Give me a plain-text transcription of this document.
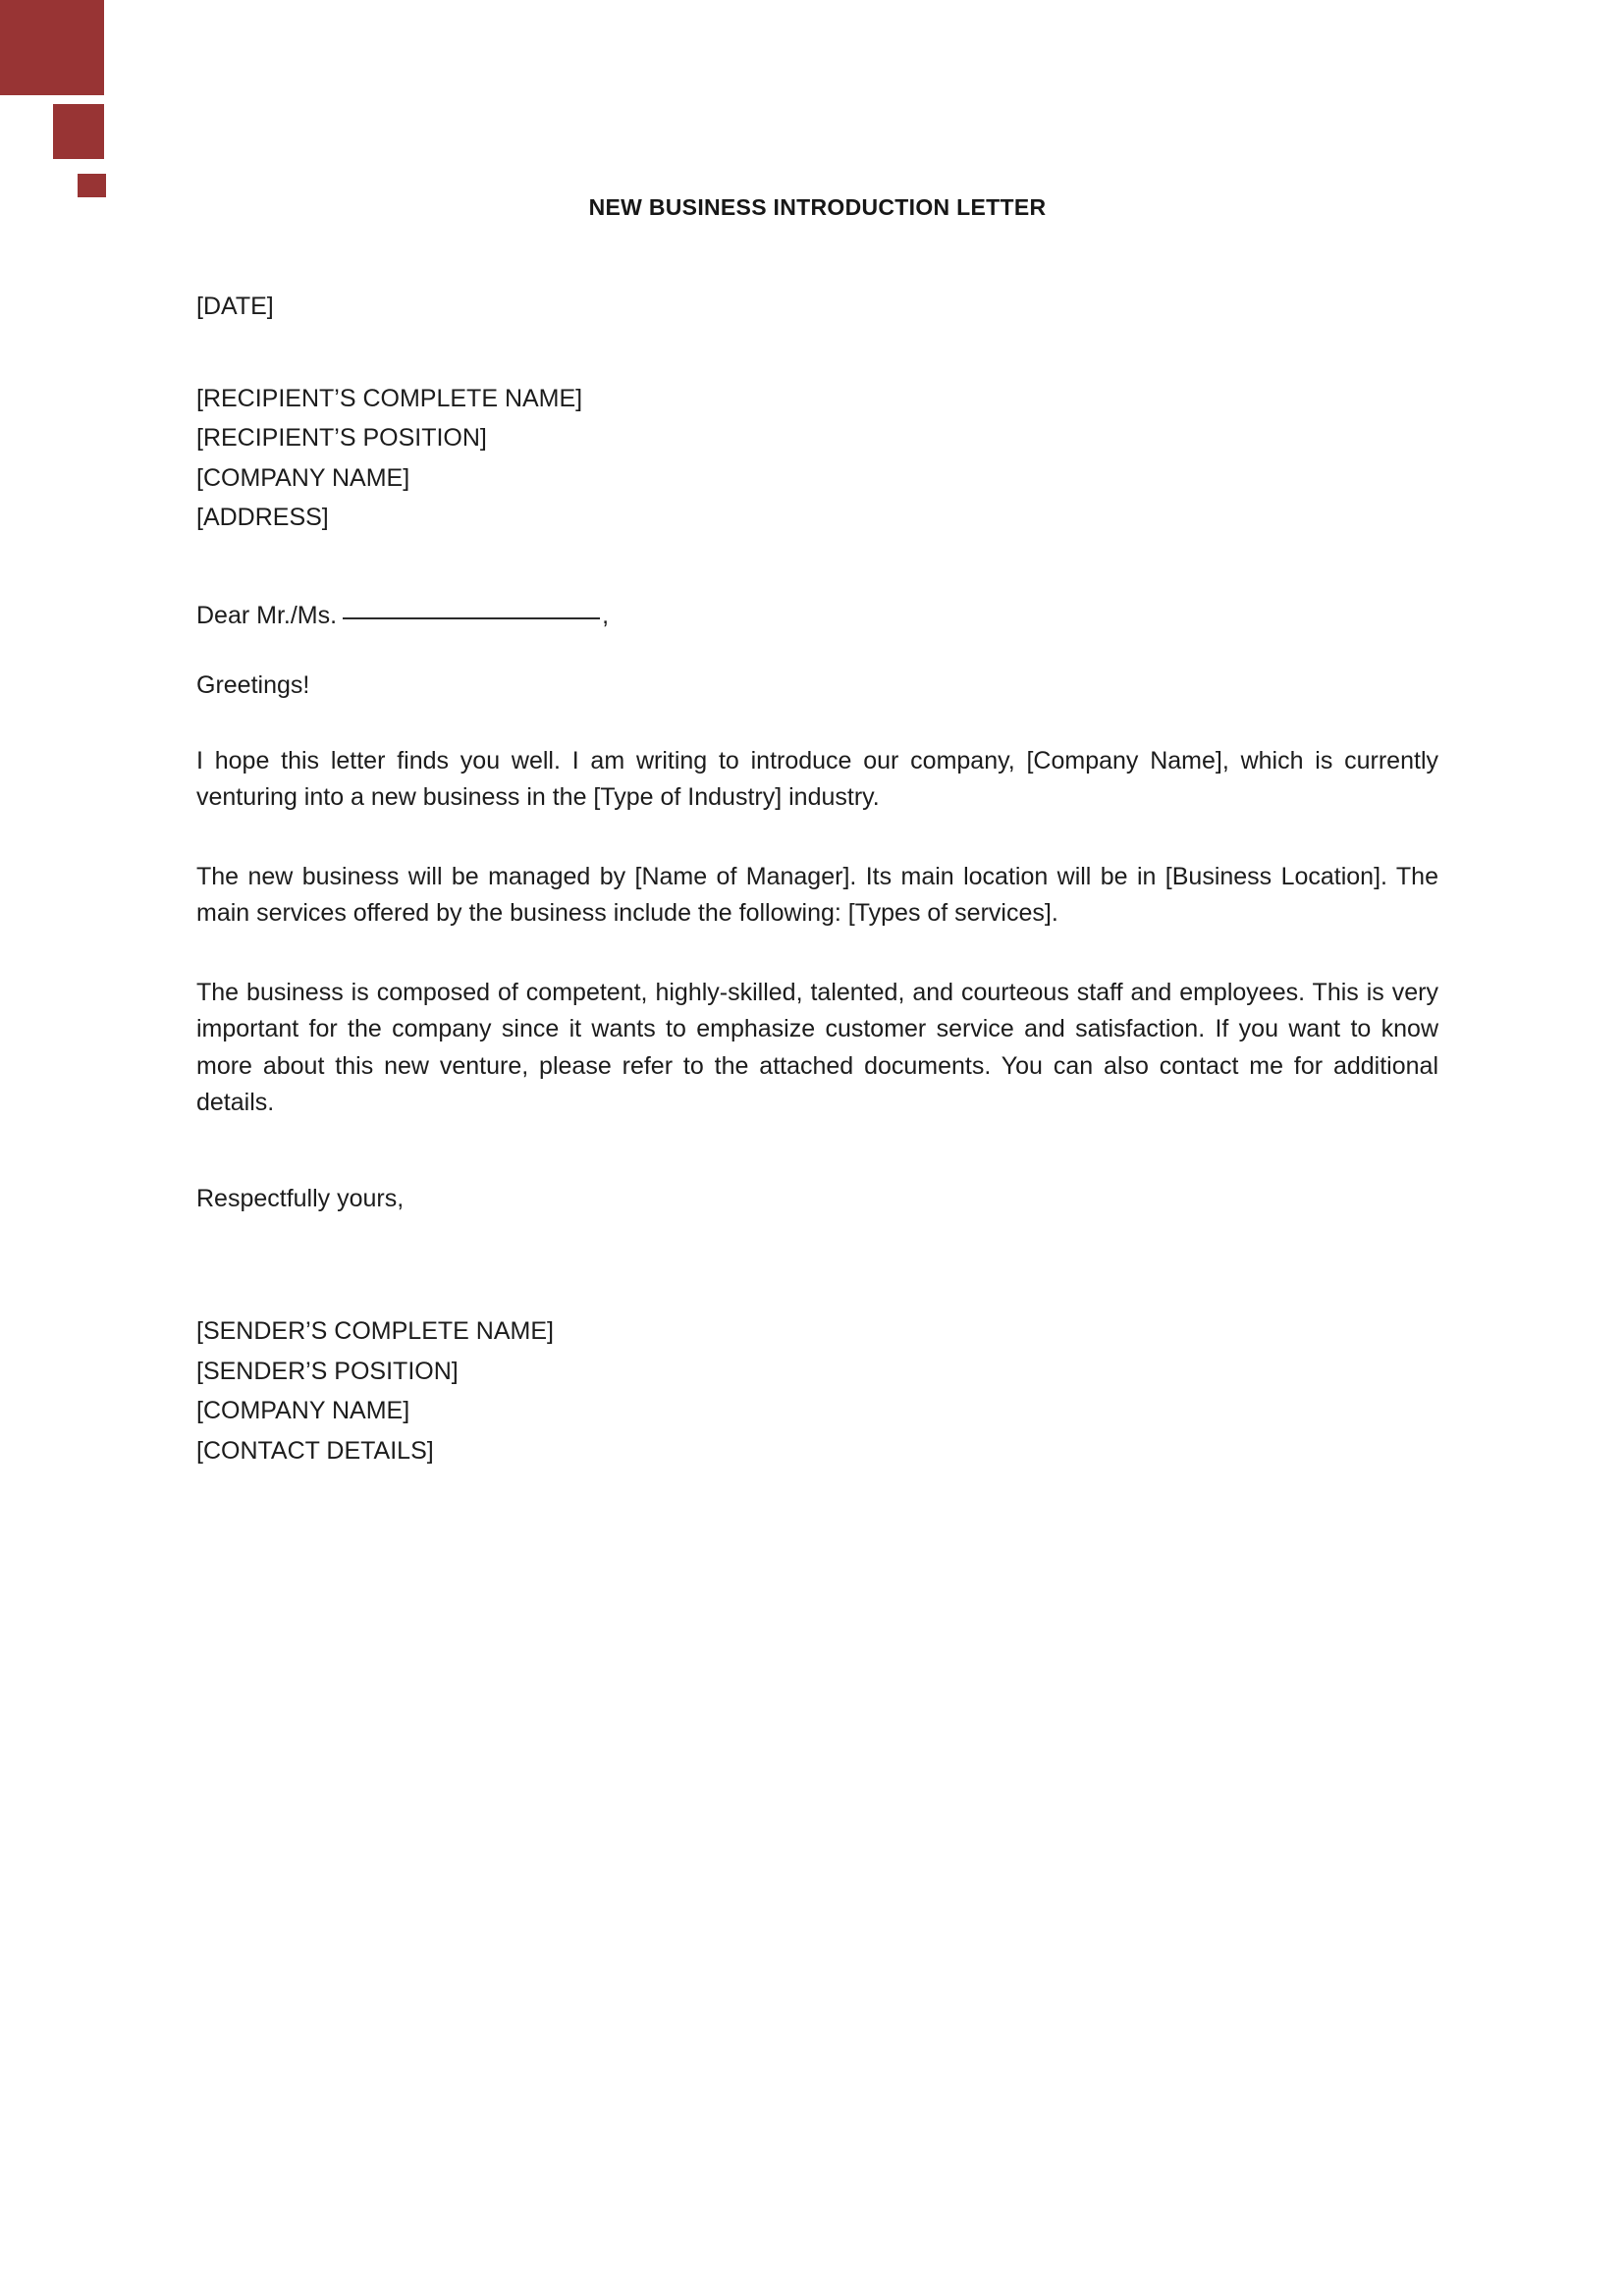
NEW BUSINESS INTRODUCTION LETTER
[DATE]
[RECIPIENT’S COMPLETE NAME]
[RECIPIENT’S POSITION]
[COMPANY NAME]
[ADDRESS]
Dear Mr./Ms.	,
Greetings!
I hope this letter finds you well. I am writing to introduce our company, [Company Name], which is currently venturing into a new business in the [Type of Industry] industry.
The new business will be managed by [Name of Manager]. Its main location will be in [Business Location]. The main services offered by the business include the following: [Types of services].
The business is composed of competent, highly-skilled, talented, and courteous staff and employees. This is very important for the company since it wants to emphasize customer service and satisfaction. If you want to know more about this new venture, please refer to the attached documents. You can also contact me for additional details.
Respectfully yours,
[SENDER’S COMPLETE NAME]
[SENDER’S POSITION]
[COMPANY NAME]
[CONTACT DETAILS]
